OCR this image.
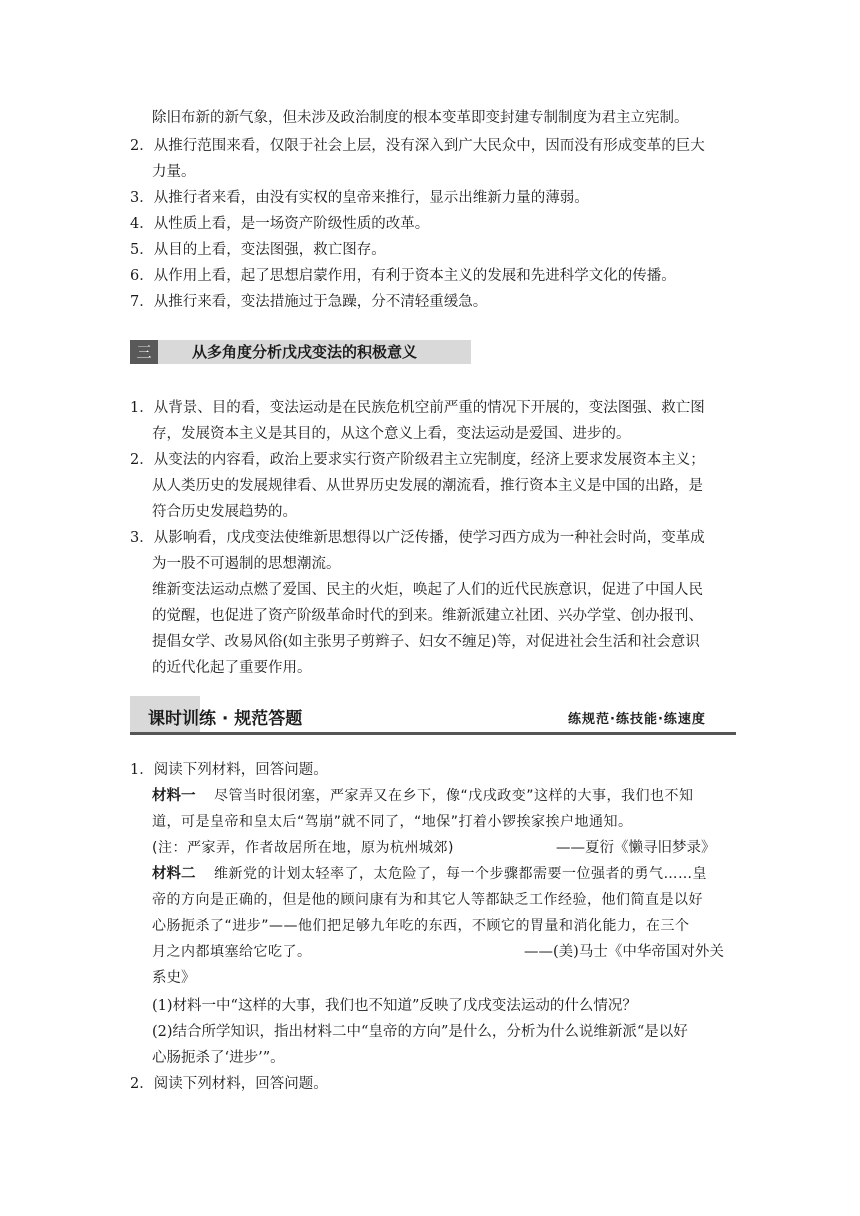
除旧布新的新气象，但未涉及政治制度的根本变革即变封建专制制度为君主立宪制。
2．从推行范围来看，仅限于社会上层，没有深入到广大民众中，因而没有形成变革的巨大
力量。
3．从推行者来看，由没有实权的皇帝来推行，显示出维新力量的薄弱。
4．从性质上看，是一场资产阶级性质的改革。
5．从目的上看，变法图强，救亡图存。
6．从作用上看，起了思想启蒙作用，有利于资本主义的发展和先进科学文化的传播。
7．从推行来看，变法措施过于急躁，分不清轻重缓急。
三	从多角度分析戊戌变法的积极意义
1．从背景、目的看，变法运动是在民族危机空前严重的情况下开展的，变法图强、救亡图
存，发展资本主义是其目的，从这个意义上看，变法运动是爱国、进步的。
2．从变法的内容看，政治上要求实行资产阶级君主立宪制度，经济上要求发展资本主义；
从人类历史的发展规律看、从世界历史发展的潮流看，推行资本主义是中国的出路，是
符合历史发展趋势的。
3．从影响看，戊戌变法使维新思想得以广泛传播，使学习西方成为一种社会时尚，变革成
为一股不可遏制的思想潮流。
维新变法运动点燃了爱国、民主的火炬，唤起了人们的近代民族意识，促进了中国人民
的觉醒，也促进了资产阶级革命时代的到来。维新派建立社团、兴办学堂、创办报刊、
提倡女学、改易风俗(如主张男子剪辫子、妇女不缠足)等，对促进社会生活和社会意识
的近代化起了重要作用。
课时训练 · 规范答题	练规范·练技能·练速度
1．阅读下列材料，回答问题。
材料一 尽管当时很闭塞，严家弄又在乡下，像“戊戌政变”这样的大事，我们也不知
道，可是皇帝和皇太后“驾崩”就不同了，“地保”打着小锣挨家挨户地通知。
(注：严家弄，作者故居所在地，原为杭州城郊)	——夏衍《懒寻旧梦录》
材料二 维新党的计划太轻率了，太危险了，每一个步骤都需要一位强者的勇气……皇
帝的方向是正确的，但是他的顾问康有为和其它人等都缺乏工作经验，他们简直是以好
心肠扼杀了“进步”——他们把足够九年吃的东西，不顾它的胃量和消化能力，在三个
月之内都填塞给它吃了。	——(美)马士《中华帝国对外关
系史》
(1)材料一中“这样的大事，我们也不知道”反映了戊戌变法运动的什么情况？
(2)结合所学知识，指出材料二中“皇帝的方向”是什么，分析为什么说维新派“是以好
心肠扼杀了‘进步’”。
2．阅读下列材料，回答问题。
